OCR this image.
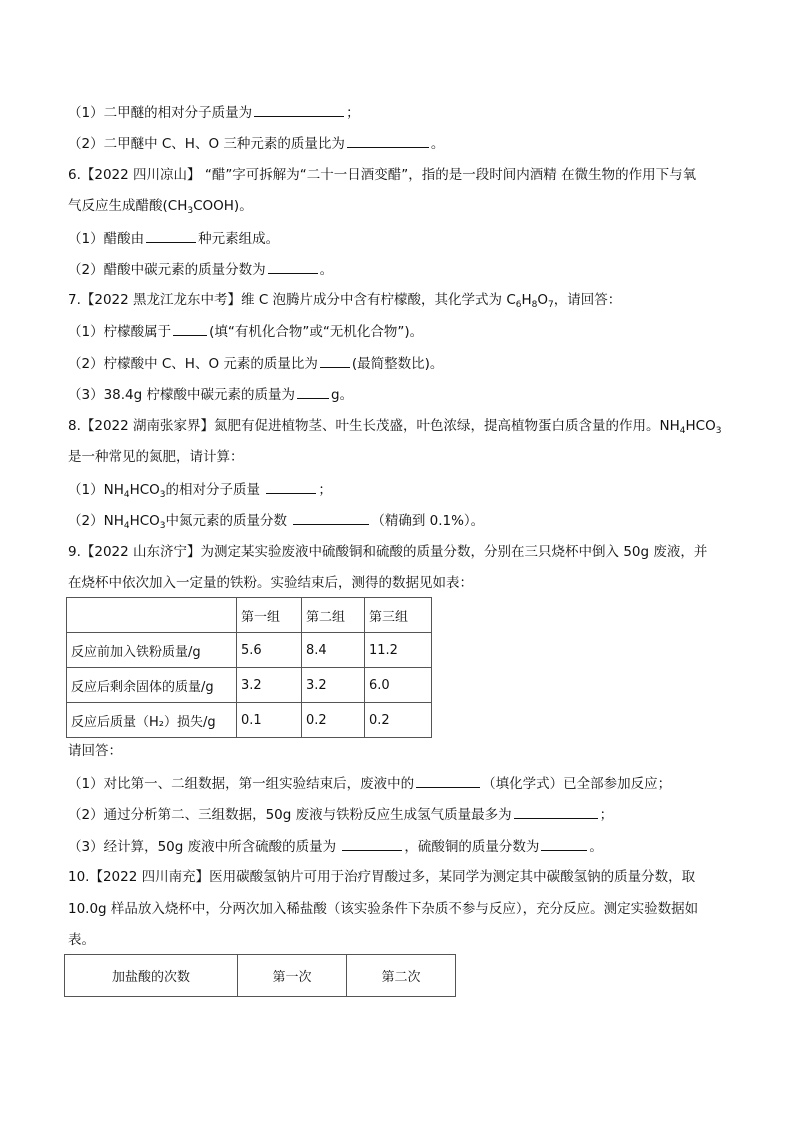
（1）二甲醚的相对分子质量为	；
（2）二甲醚中 C、H、O 三种元素的质量比为	。
6.【2022 四川凉山】 “醋”字可拆解为“二十一日酒变醋”，指的是一段时间内酒精 在微生物的作用下与氧
气反应生成醋酸$(CH_3COOH)$。
（1）醋酸由	种元素组成。
（2）醋酸中碳元素的质量分数为	。
7.【2022 黑龙江龙东中考】维 C 泡腾片成分中含有柠檬酸，其化学式为 $C_6H_8O_7$，请回答：
（1）柠檬酸属于	(填“有机化合物”或“无机化合物”)。
（2）柠檬酸中 C、H、O 元素的质量比为	(最简整数比)。
（3）38.4g 柠檬酸中碳元素的质量为	g。
8.【2022 湖南张家界】氮肥有促进植物茎、叶生长茂盛，叶色浓绿，提高植物蛋白质含量的作用。$NH_4HCO_3$
是一种常见的氮肥，请计算：
$(1)NH_4HCO_3$的相对分子质量	；
$(2)NH_4HCO_3$中氮元素的质量分数	（精确到 0.1%）。
9.【2022 山东济宁】为测定某实验废液中硫酸铜和硫酸的质量分数，分别在三只烧杯中倒入 50g 废液，并
在烧杯中依次加入一定量的铁粉。实验结束后，测得的数据见如表：
	第一组	第二组	第三组
反应前加入铁粉质量/g	5.6	8.4	11.2
反应后剩余固体的质量/g	3.2	3.2	6.0
反应后质量（H₂）损失/g	0.1	0.2	0.2
请回答：
（1）对比第一、二组数据，第一组实验结束后，废液中的	（填化学式）已全部参加反应；
（2）通过分析第二、三组数据，50g 废液与铁粉反应生成氢气质量最多为	；
（3）经计算，50g 废液中所含硫酸的质量为	，硫酸铜的质量分数为	。
10.【2022 四川南充】医用碳酸氢钠片可用于治疗胃酸过多，某同学为测定其中碳酸氢钠的质量分数，取
10.0g 样品放入烧杯中，分两次加入稀盐酸（该实验条件下杂质不参与反应），充分反应。测定实验数据如
表。
加盐酸的次数	第一次	第二次
